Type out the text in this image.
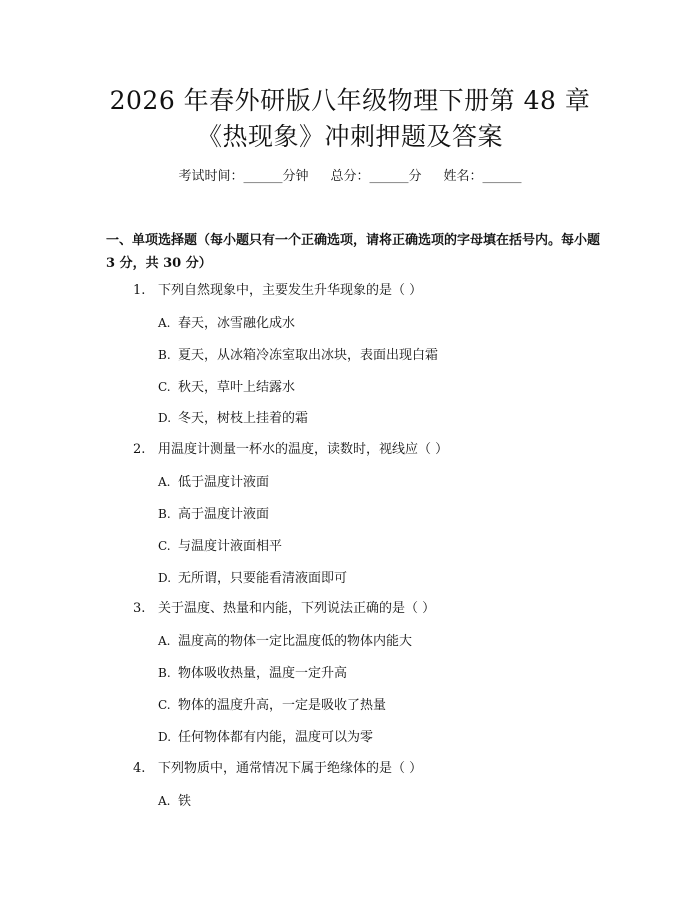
2026 年春外研版八年级物理下册第 48 章
《热现象》冲刺押题及答案
考试时间：______分钟 总分：______分 姓名：______
一、单项选择题（每小题只有一个正确选项，请将正确选项的字母填在括号内。每小题 3 分，共 30 分）
1. 下列自然现象中，主要发生升华现象的是（ ）
A. 春天，冰雪融化成水
B. 夏天，从冰箱冷冻室取出冰块，表面出现白霜
C. 秋天，草叶上结露水
D. 冬天，树枝上挂着的霜
2. 用温度计测量一杯水的温度，读数时，视线应（ ）
A. 低于温度计液面
B. 高于温度计液面
C. 与温度计液面相平
D. 无所谓，只要能看清液面即可
3. 关于温度、热量和内能，下列说法正确的是（ ）
A. 温度高的物体一定比温度低的物体内能大
B. 物体吸收热量，温度一定升高
C. 物体的温度升高，一定是吸收了热量
D. 任何物体都有内能，温度可以为零
4. 下列物质中，通常情况下属于绝缘体的是（ ）
A. 铁
